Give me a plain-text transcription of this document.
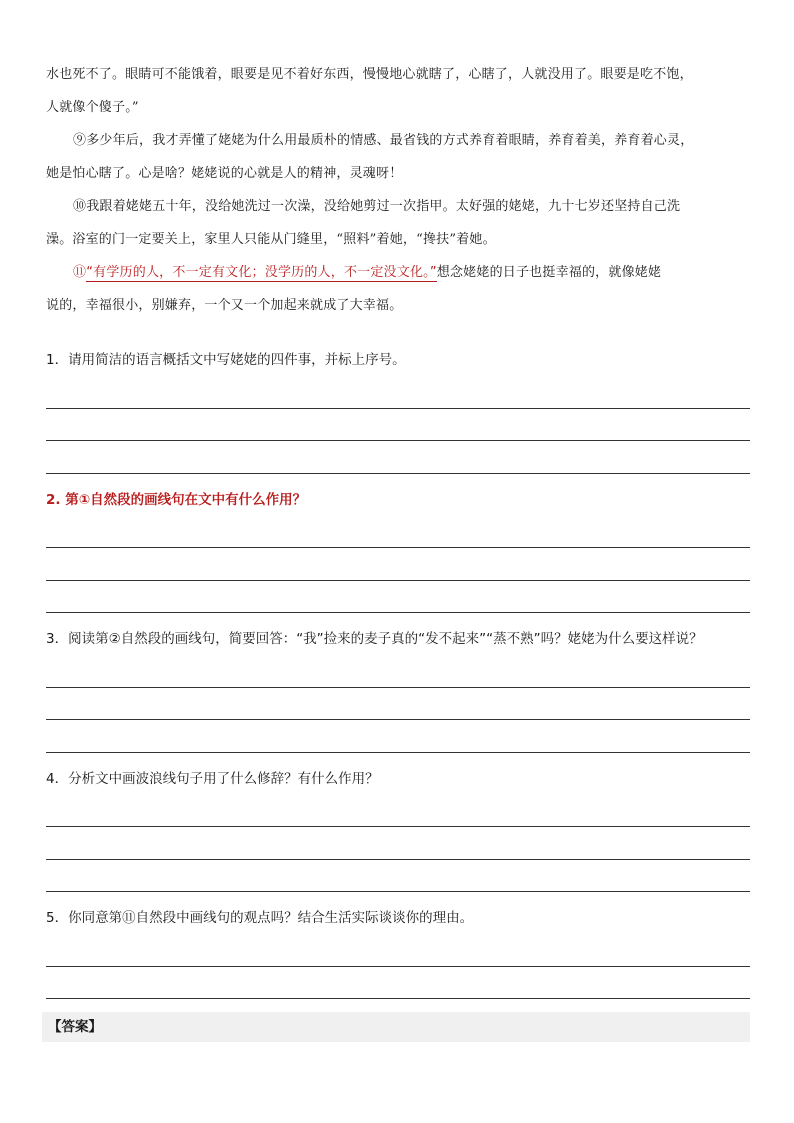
水也死不了。眼睛可不能饿着，眼要是见不着好东西，慢慢地心就瞎了，心瞎了，人就没用了。眼要是吃不饱，

人就像个傻子。”

⑨多少年后，我才弄懂了姥姥为什么用最质朴的情感、最省钱的方式养育着眼睛，养育着美，养育着心灵，

她是怕心瞎了。心是啥？姥姥说的心就是人的精神，灵魂呀！

⑩我跟着姥姥五十年，没给她洗过一次澡，没给她剪过一次指甲。太好强的姥姥，九十七岁还坚持自己洗

澡。浴室的门一定要关上，家里人只能从门缝里，“照料”着她，“搀扶”着她。

⑪“有学历的人，不一定有文化；没学历的人，不一定没文化。”想念姥姥的日子也挺幸福的，就像姥姥

说的，幸福很小，别嫌弃，一个又一个加起来就成了大幸福。

1．请用简洁的语言概括文中写姥姥的四件事，并标上序号。

2. 第①自然段的画线句在文中有什么作用？

3．阅读第②自然段的画线句，简要回答：“我”捡来的麦子真的“发不起来”“蒸不熟”吗？姥姥为什么要这样说？

4．分析文中画波浪线句子用了什么修辞？有什么作用？

5．你同意第⑪自然段中画线句的观点吗？结合生活实际谈谈你的理由。

【答案】
